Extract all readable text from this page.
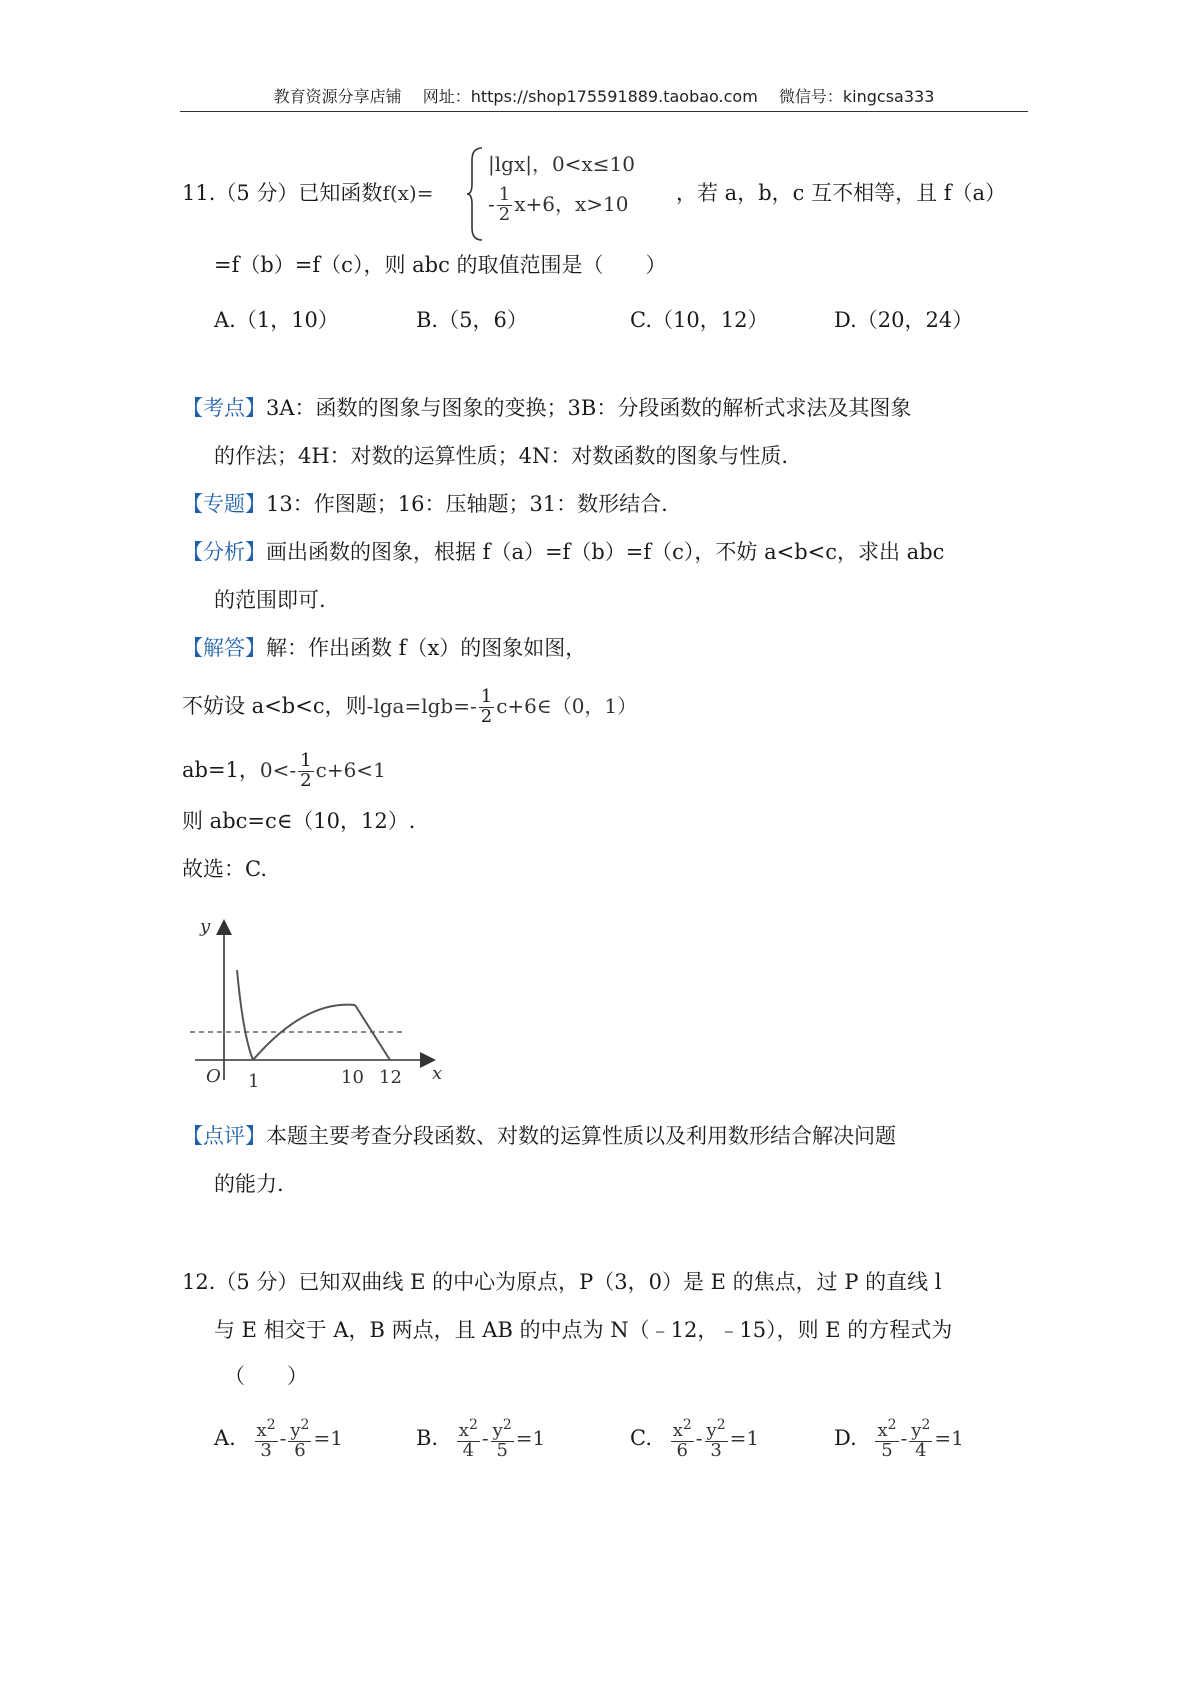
教育资源分享店铺 网址：https://shop175591889.taobao.com 微信号：kingcsa333
11.（5 分）已知函数f(x)=
|lgx|，0<x≤10
- $\frac{1}{2} x+6$，x>10 ，若 a，b，c 互不相等，且 f（a）
=f（b）=f（c），则 abc 的取值范围是（　　）
A.（1，10）	B.（5，6）	C.（10，12）	D.（20，24）
【考点】3A：函数的图象与图象的变换；3B：分段函数的解析式求法及其图象
的作法；4H：对数的运算性质；4N：对数函数的图象与性质.
【专题】13：作图题；16：压轴题；31：数形结合.
【分析】画出函数的图象，根据 f（a）=f（b）=f（c），不妨 a<b<c，求出 abc
的范围即可.
【解答】解：作出函数 f（x）的图象如图，
不妨设 a<b<c，则$-\lg a=\lg b=- \frac{1}{2}$ c+6∈（0，1）
ab=1，$0<- \frac{1}{2} c+6<1$
则 abc=c∈（10，12）.
故选：C.
y
x
O 1	10 12
【点评】本题主要考查分段函数、对数的运算性质以及利用数形结合解决问题
的能力.
12.（5 分）已知双曲线 E 的中心为原点，P（3，0）是 E 的焦点，过 P 的直线 l
与 E 相交于 A，B 两点，且 AB 的中点为 N（﹣12，﹣15），则 E 的方程式为
（　　）
A. $\frac{x^2}{3} - \frac{y^2}{6} =1$	B. $\frac{x^2}{4} - \frac{y^2}{5} =1$	C. $\frac{x^2}{6} - \frac{y^2}{3} =1$	D. $\frac{x^2}{5} - \frac{y^2}{4} =1$
